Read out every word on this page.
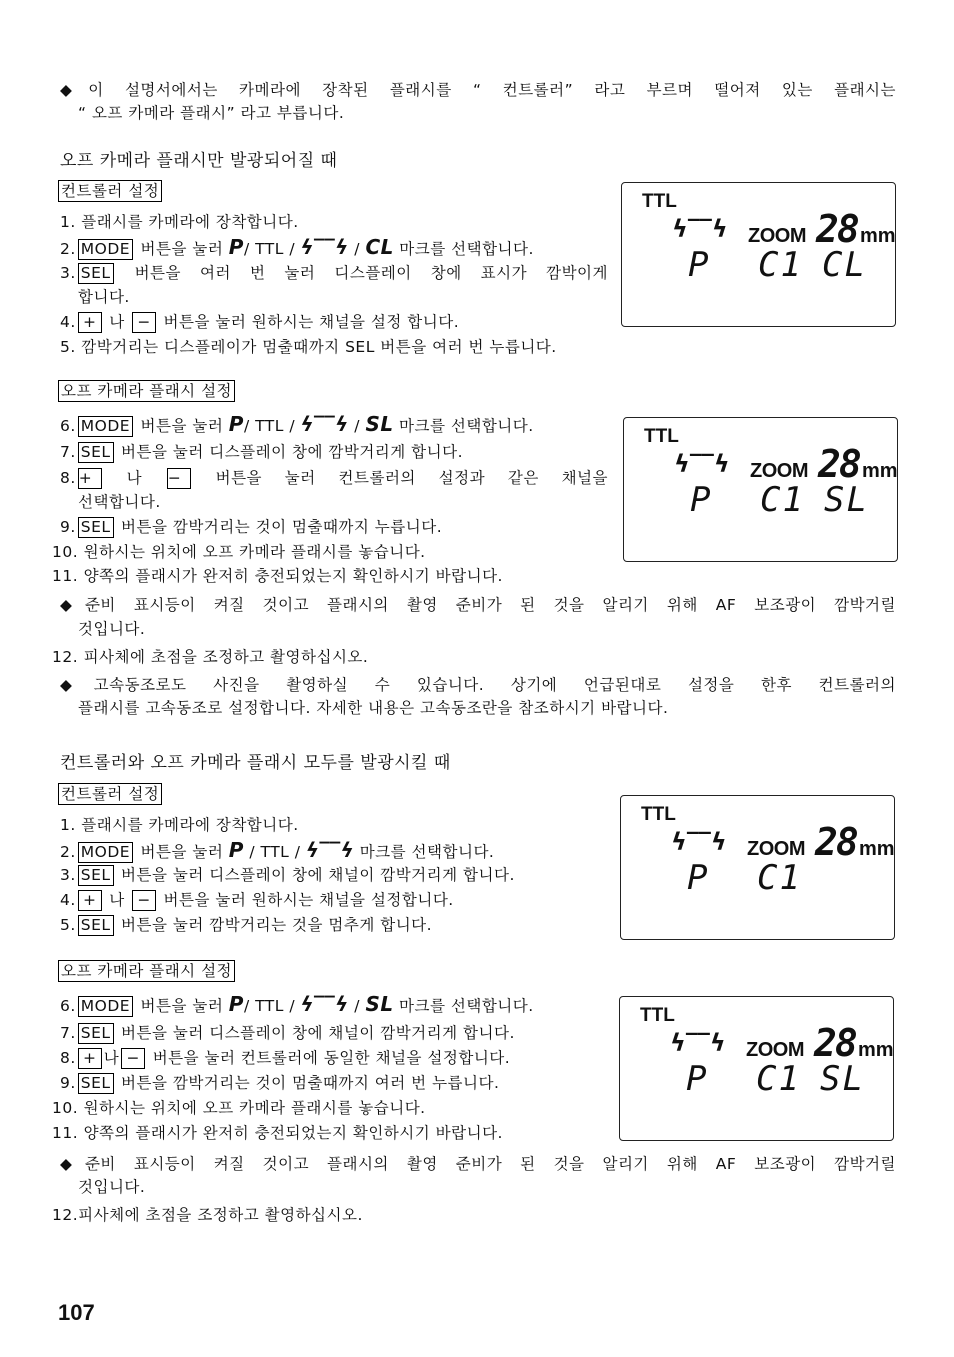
◆이 설명서에서는 카메라에 장착된 플래시를 “ 컨트롤러” 라고 부르며 떨어져 있는 플래시는
“ 오프 카메라 플래시” 라고 부릅니다.
오프 카메라 플래시만 발광되어질 때
컨트롤러 설정
1. 플래시를 카메라에 장착합니다.
2. MODE 버튼을 눌러 P/ TTL / ϟ‾‾ϟ / CL 마크를 선택합니다.
3. SEL 버튼을 여러 번 눌러 디스플레이 창에 표시가 깜박이게
합니다.
4. + 나 − 버튼을 눌러 원하시는 채널을 설정 합니다.
5. 깜박거리는 디스플레이가 멈출때까지 SEL 버튼을 여러 번 누릅니다.
오프 카메라 플래시 설정
6. MODE 버튼을 눌러 P/ TTL / ϟ‾‾ϟ / SL 마크를 선택합니다.
7. SEL 버튼을 눌러 디스플레이 창에 깜박거리게 합니다.
8. + 나 − 버튼을 눌러 컨트롤러의 설정과 같은 채널을
선택합니다.
9. SEL 버튼을 깜박거리는 것이 멈출때까지 누릅니다.
10. 원하시는 위치에 오프 카메라 플래시를 놓습니다.
11. 양쪽의 플래시가 완저히 충전되었는지 확인하시기 바랍니다.
◆준비 표시등이 켜질 것이고 플래시의 촬영 준비가 된 것을 알리기 위해 AF 보조광이 깜박거릴
것입니다.
12. 피사체에 초점을 조정하고 촬영하십시오.
◆고속동조로도 사진을 촬영하실 수 있습니다. 상기에 언급된대로 설정을 한후 컨트롤러의
플래시를 고속동조로 설정합니다. 자세한 내용은 고속동조란을 참조하시기 바랍니다.
컨트롤러와 오프 카메라 플래시 모두를 발광시킬 때
컨트롤러 설정
1. 플래시를 카메라에 장착합니다.
2. MODE 버튼을 눌러 P / TTL / ϟ‾‾ϟ 마크를 선택합니다.
3. SEL 버튼을 눌러 디스플레이 창에 채널이 깜박거리게 합니다.
4. + 나 − 버튼을 눌러 원하시는 채널을 설정합니다.
5. SEL 버튼을 눌러 깜박거리는 것을 멈추게 합니다.
오프 카메라 플래시 설정
6. MODE 버튼을 눌러 P/ TTL / ϟ‾‾ϟ / SL 마크를 선택합니다.
7. SEL 버튼을 눌러 디스플레이 창에 채널이 깜박거리게 합니다.
8. + 나 − 버튼을 눌러 컨트롤러에 동일한 채널을 설정합니다.
9. SEL 버튼을 깜박거리는 것이 멈출때까지 여러 번 누릅니다.
10. 원하시는 위치에 오프 카메라 플래시를 놓습니다.
11. 양쪽의 플래시가 완저히 충전되었는지 확인하시기 바랍니다.
◆준비 표시등이 켜질 것이고 플래시의 촬영 준비가 된 것을 알리기 위해 AF 보조광이 깜박거릴
것입니다.
12.피사체에 초점을 조정하고 촬영하십시오.
TTL
ϟ‾‾ϟ ZOOM 28 mm
P C1 CL
TTL
ϟ‾‾ϟ ZOOM 28 mm
P C1 SL
TTL
ϟ‾‾ϟ ZOOM 28 mm
P C1
TTL
ϟ‾‾ϟ ZOOM 28 mm
P C1 SL
107
